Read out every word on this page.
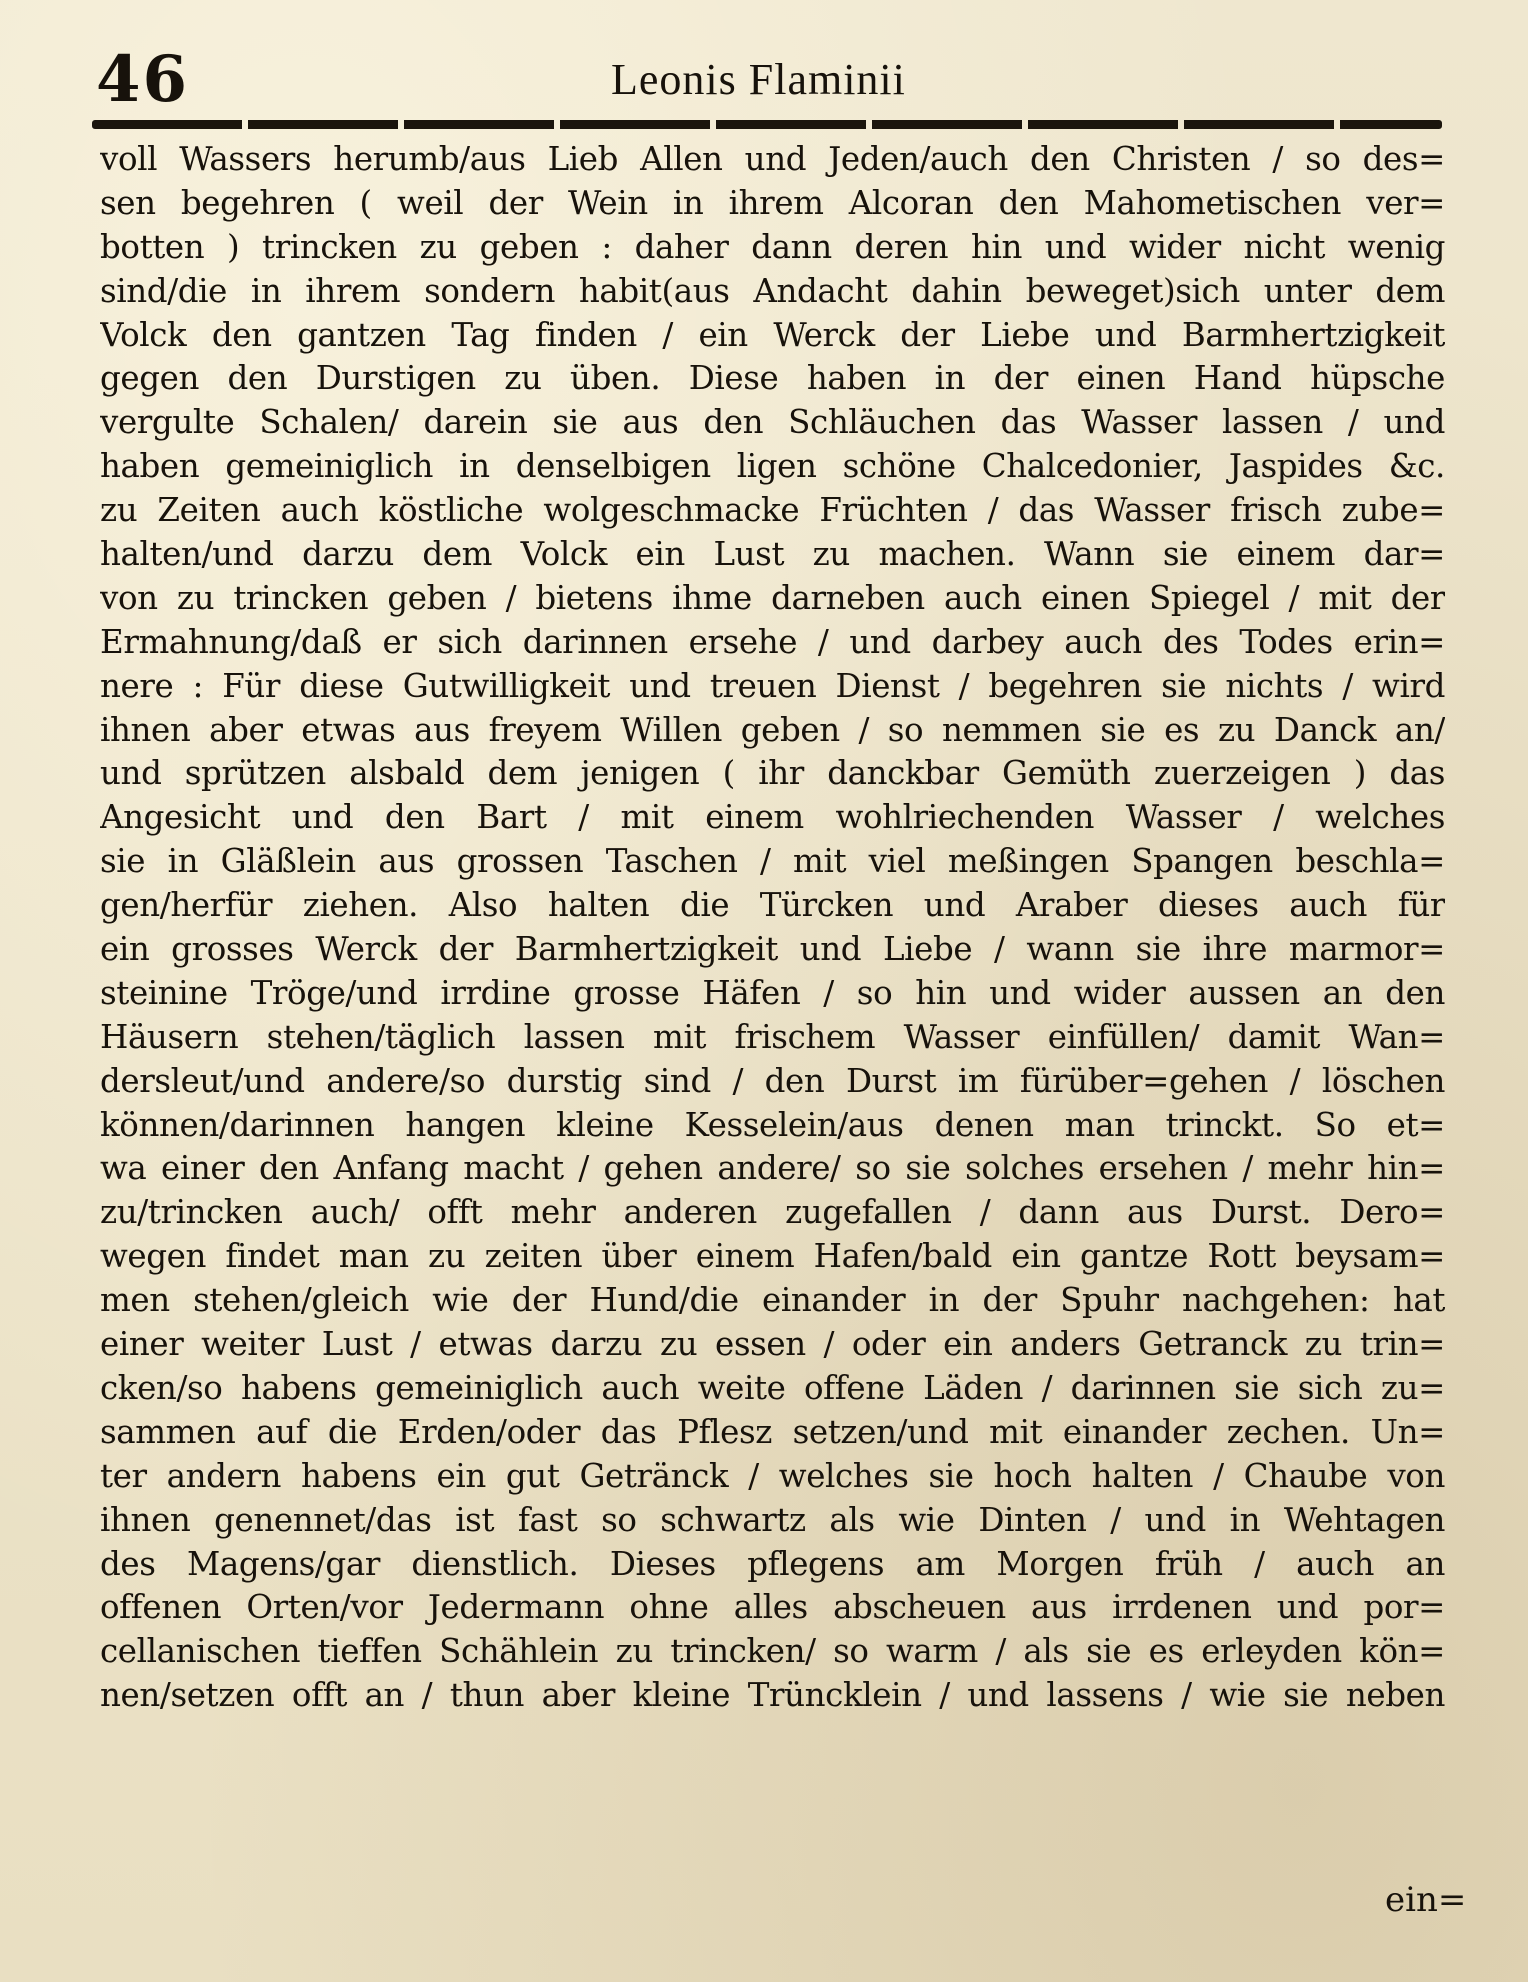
46	Leonis Flaminii
voll Wassers herumb/aus Lieb Allen und Jeden/auch den Christen / so des=
sen begehren ( weil der Wein in ihrem Alcoran den Mahometischen ver=
botten ) trincken zu geben : daher dann deren hin und wider nicht wenig
sind/die in ihrem sondern habit(aus Andacht dahin beweget)sich unter dem
Volck den gantzen Tag finden / ein Werck der Liebe und Barmhertzigkeit
gegen den Durstigen zu üben. Diese haben in der einen Hand hüpsche
vergulte Schalen/ darein sie aus den Schläuchen das Wasser lassen / und
haben gemeiniglich in denselbigen ligen schöne Chalcedonier, Jaspides &c.
zu Zeiten auch köstliche wolgeschmacke Früchten / das Wasser frisch zube=
halten/und darzu dem Volck ein Lust zu machen. Wann sie einem dar=
von zu trincken geben / bietens ihme darneben auch einen Spiegel / mit der
Ermahnung/daß er sich darinnen ersehe / und darbey auch des Todes erin=
nere : Für diese Gutwilligkeit und treuen Dienst / begehren sie nichts / wird
ihnen aber etwas aus freyem Willen geben / so nemmen sie es zu Danck an/
und sprützen alsbald dem jenigen ( ihr danckbar Gemüth zuerzeigen ) das
Angesicht und den Bart / mit einem wohlriechenden Wasser / welches
sie in Gläßlein aus grossen Taschen / mit viel meßingen Spangen beschla=
gen/herfür ziehen. Also halten die Türcken und Araber dieses auch für
ein grosses Werck der Barmhertzigkeit und Liebe / wann sie ihre marmor=
steinine Tröge/und irrdine grosse Häfen / so hin und wider aussen an den
Häusern stehen/täglich lassen mit frischem Wasser einfüllen/ damit Wan=
dersleut/und andere/so durstig sind / den Durst im fürüber=gehen / löschen
können/darinnen hangen kleine Kesselein/aus denen man trinckt. So et=
wa einer den Anfang macht / gehen andere/ so sie solches ersehen / mehr hin=
zu/trincken auch/ offt mehr anderen zugefallen / dann aus Durst. Dero=
wegen findet man zu zeiten über einem Hafen/bald ein gantze Rott beysam=
men stehen/gleich wie der Hund/die einander in der Spuhr nachgehen: hat
einer weiter Lust / etwas darzu zu essen / oder ein anders Getranck zu trin=
cken/so habens gemeiniglich auch weite offene Läden / darinnen sie sich zu=
sammen auf die Erden/oder das Pflesz setzen/und mit einander zechen. Un=
ter andern habens ein gut Getränck / welches sie hoch halten / Chaube von
ihnen genennet/das ist fast so schwartz als wie Dinten / und in Wehtagen
des Magens/gar dienstlich. Dieses pflegens am Morgen früh / auch an
offenen Orten/vor Jedermann ohne alles abscheuen aus irrdenen und por=
cellanischen tieffen Schählein zu trincken/ so warm / als sie es erleyden kön=
nen/setzen offt an / thun aber kleine Trüncklein / und lassens / wie sie neben
ein=
